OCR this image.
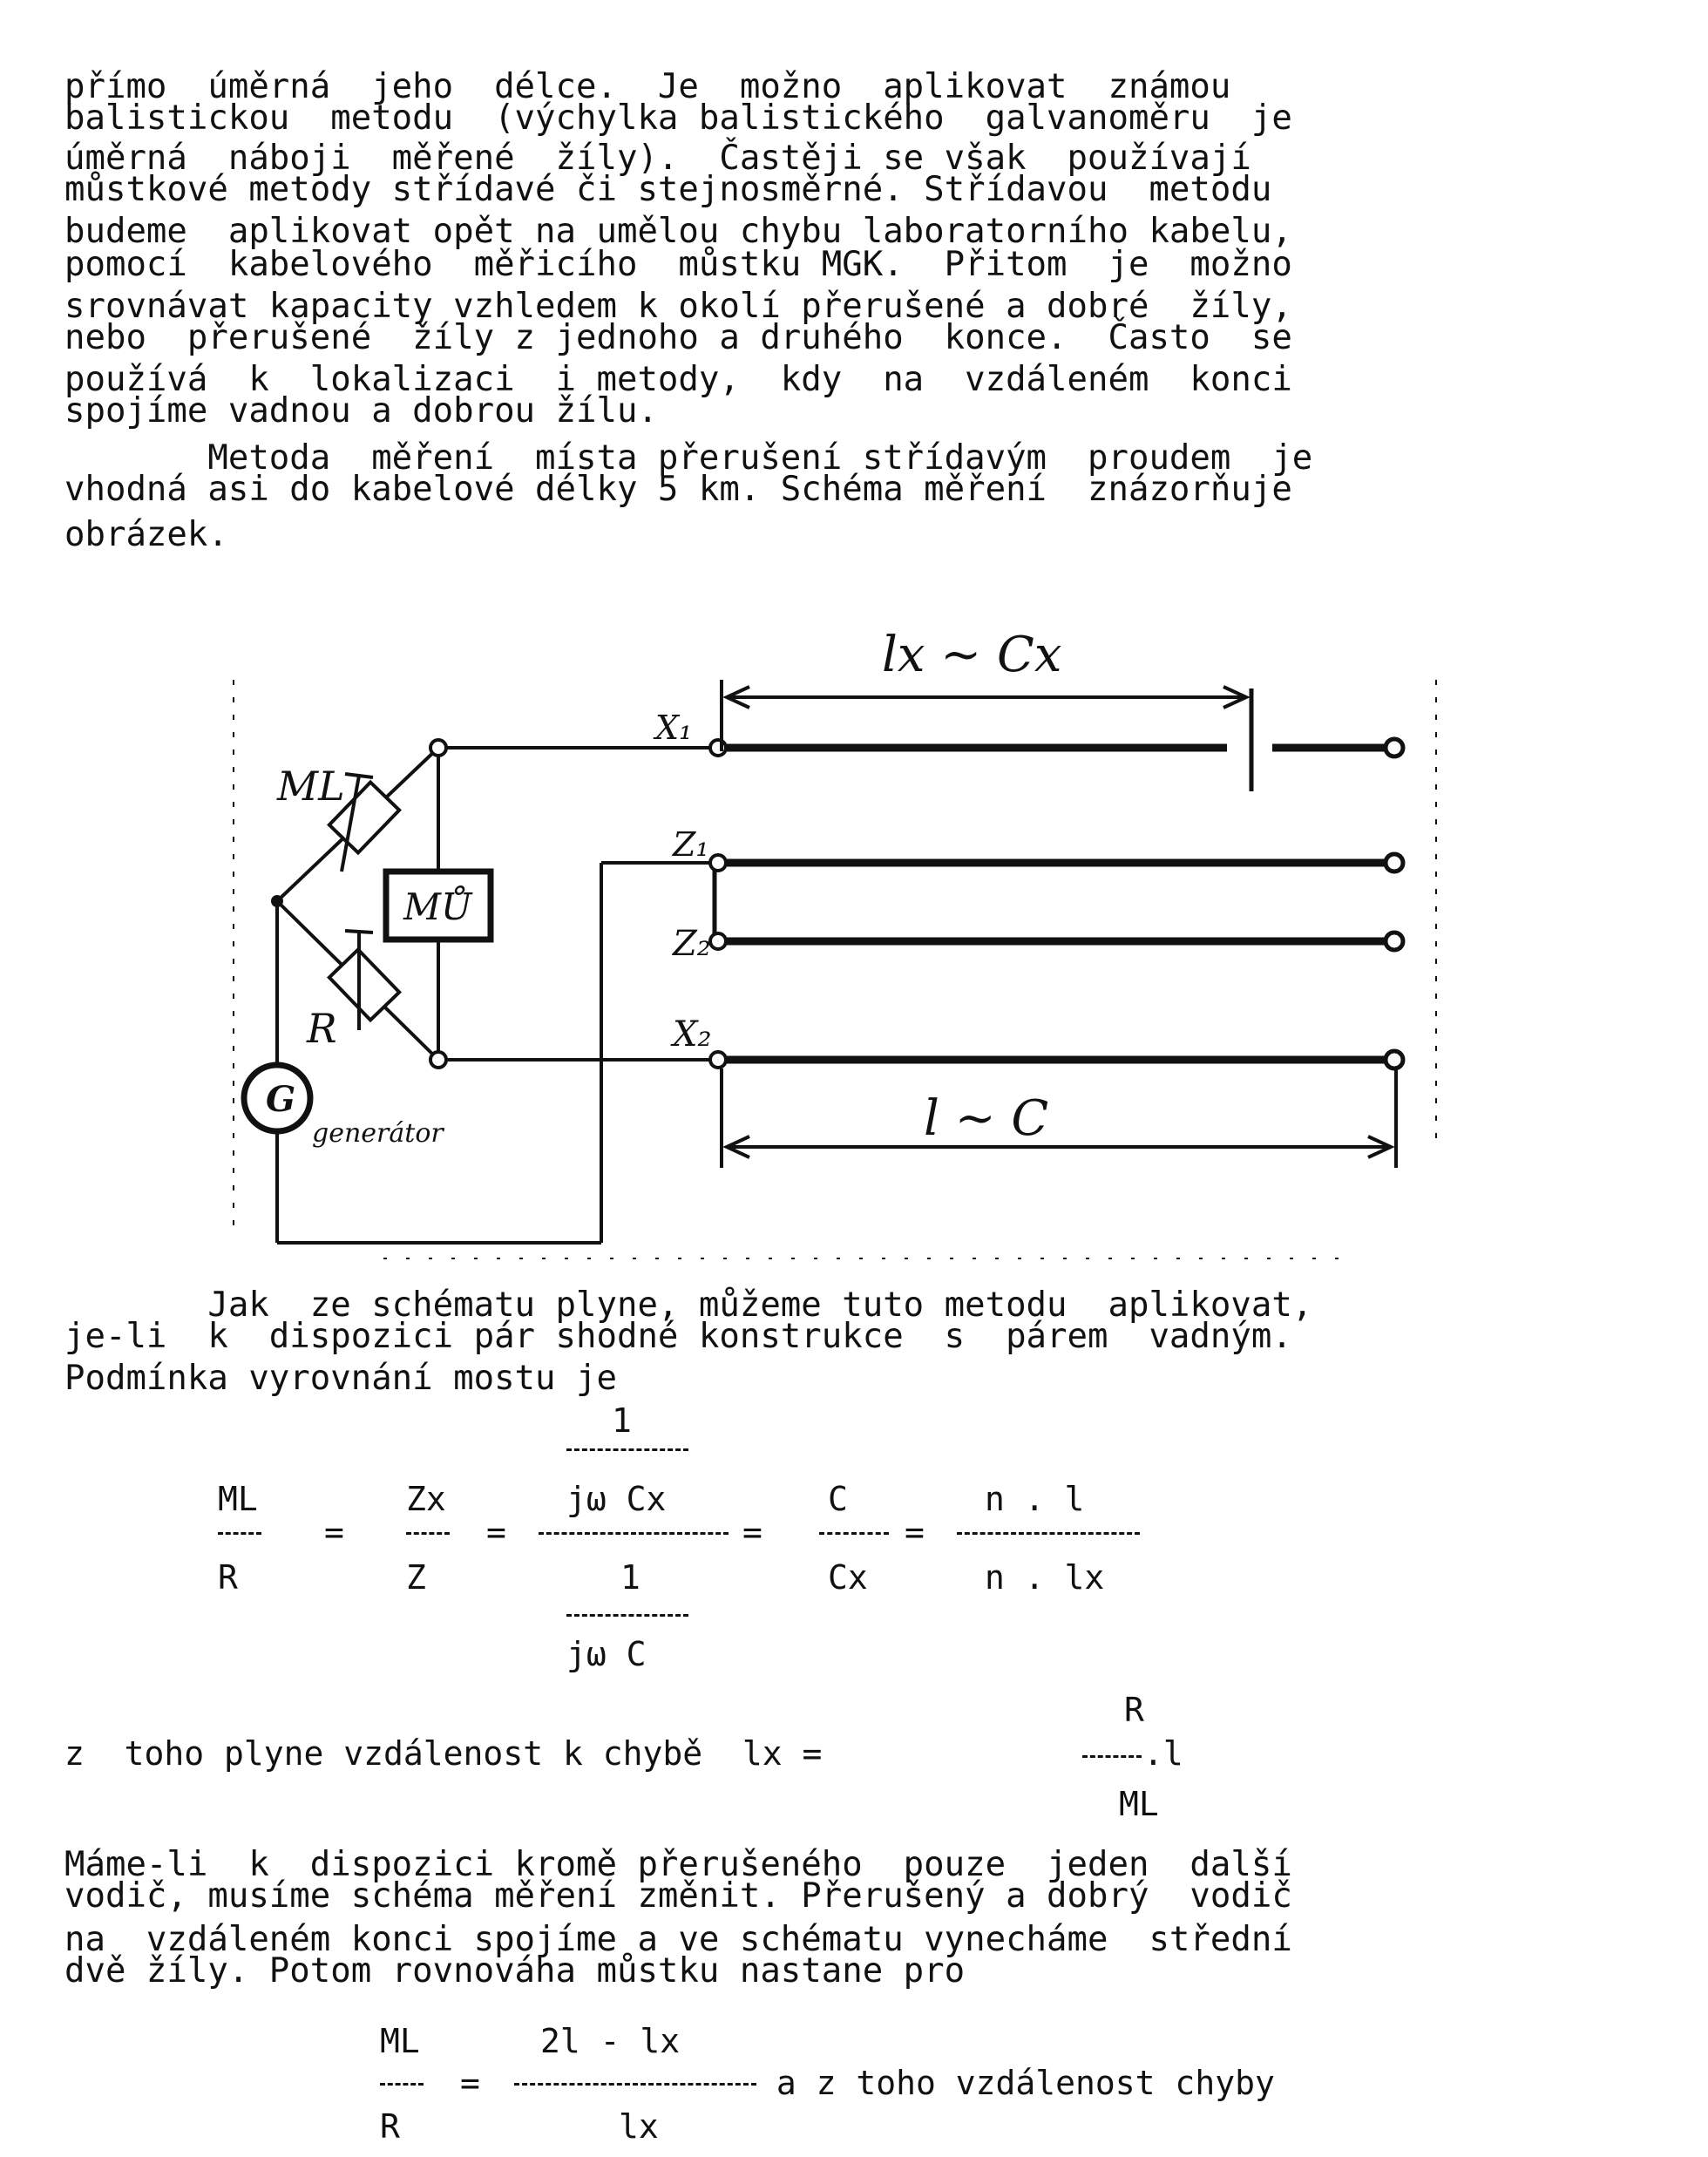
přímo  úměrná  jeho  délce.  Je  možno  aplikovat  známou
balistickou  metodu  (výchylka balistického  galvanoměru  je
úměrná  náboji  měřené  žíly).  Častěji se však  používají
můstkové metody střídavé či stejnosměrné. Střídavou  metodu
budeme  aplikovat opět na umělou chybu laboratorního kabelu,
pomocí  kabelového  měřicího  můstku MGK.  Přitom  je  možno
srovnávat kapacity vzhledem k okolí přerušené a dobré  žíly,
nebo  přerušené  žíly z jednoho a druhého  konce.  Často  se
používá  k  lokalizaci  i metody,  kdy  na  vzdáleném  konci
spojíme vadnou a dobrou žílu.
Metoda  měření  místa přerušení střídavým  proudem  je
vhodná asi do kabelové délky 5 km. Schéma měření  znázorňuje
obrázek.
ML
MŮ
R
G
generátor
X₁
Z₁
Z₂
X₂
lx ~ Cx
l ~ C
Jak  ze schématu plyne, můžeme tuto metodu  aplikovat,
je-li  k  dispozici pár shodné konstrukce  s  párem  vadným.
Podmínka vyrovnání mostu je
1
ML	Zx	jω Cx	C	n . l
=	=	=	=
R	Z	1	Cx	n . lx
jω C
R
z  toho plyne vzdálenost k chybě  lx =	.l
ML
Máme-li  k  dispozici kromě přerušeného  pouze  jeden  další
vodič, musíme schéma měření změnit. Přerušený a dobrý  vodič
na  vzdáleném konci spojíme a ve schématu vynecháme  střední
dvě žíly. Potom rovnováha můstku nastane pro
ML	2l - lx
=	a z toho vzdálenost chyby
R	lx
